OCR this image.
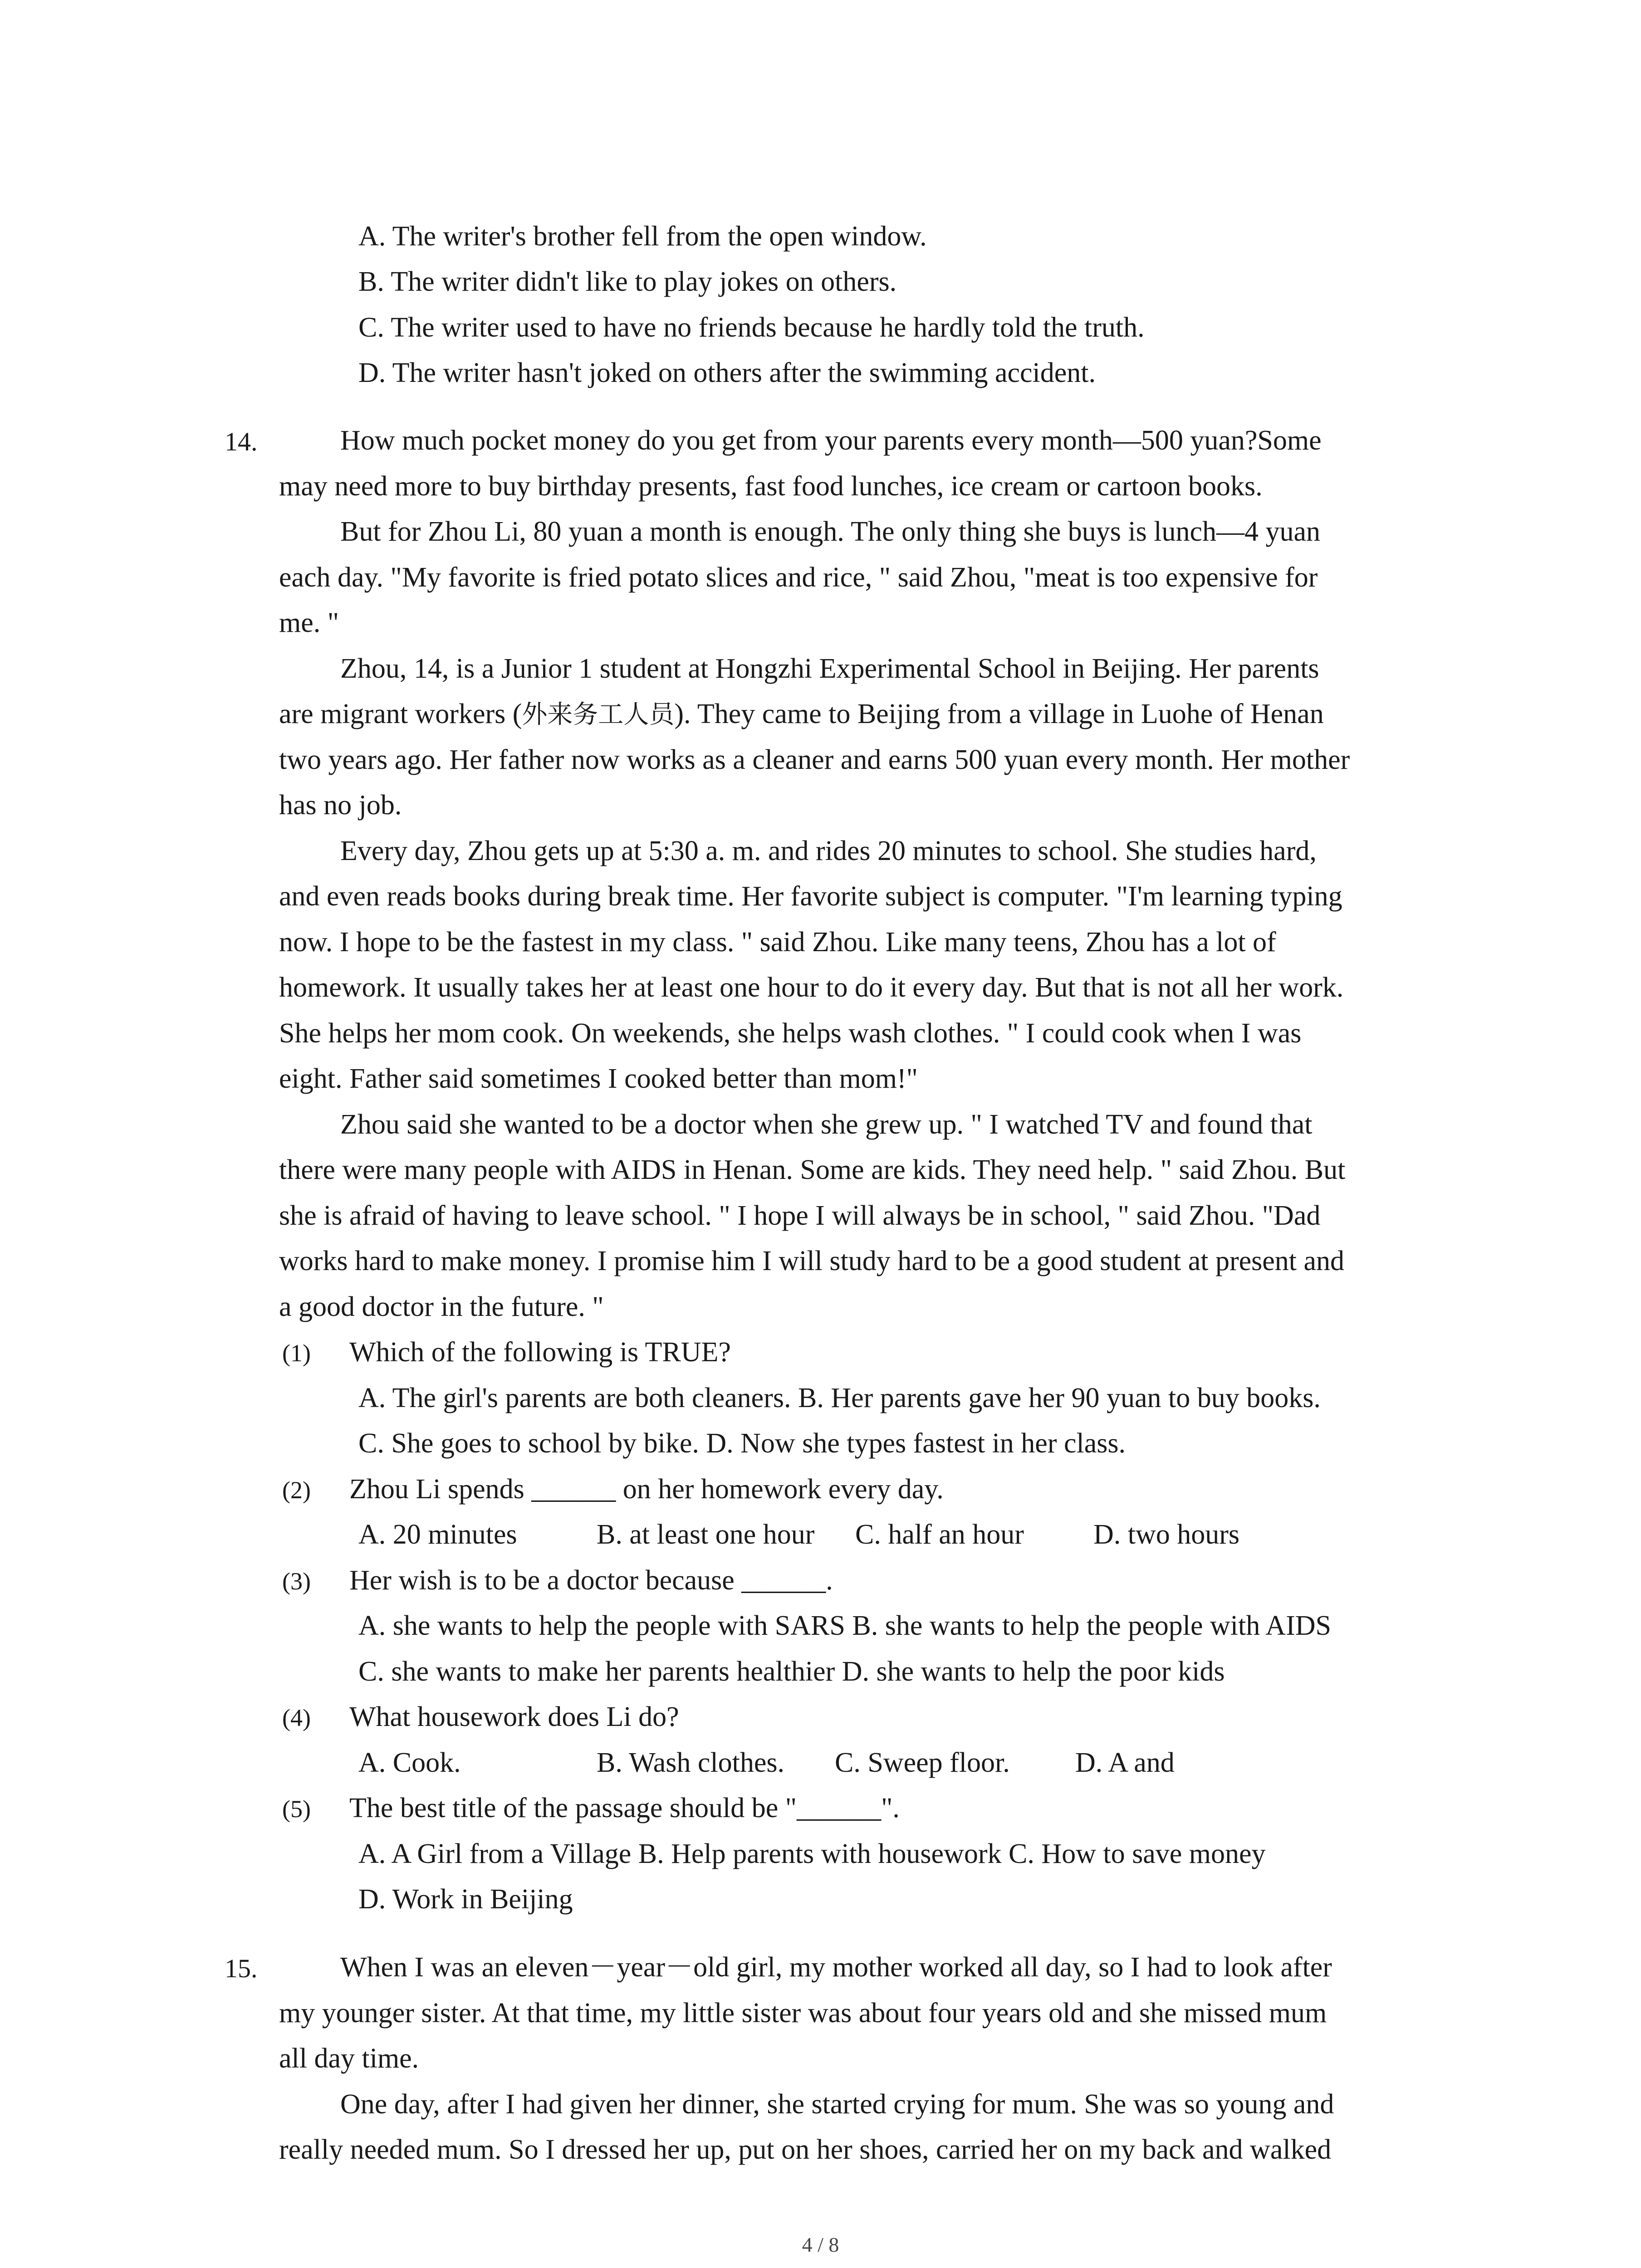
A. The writer's brother fell from the open window.
B. The writer didn't like to play jokes on others.
C. The writer used to have no friends because he hardly told the truth.
D. The writer hasn't joked on others after the swimming accident.
14.	How much pocket money do you get from your parents every month—500 yuan?Some
may need more to buy birthday presents, fast food lunches, ice cream or cartoon books.
But for Zhou Li, 80 yuan a month is enough. The only thing she buys is lunch—4 yuan
each day. "My favorite is fried potato slices and rice, " said Zhou, "meat is too expensive for
me. "
Zhou, 14, is a Junior 1 student at Hongzhi Experimental School in Beijing. Her parents
are migrant workers (外来务工人员). They came to Beijing from a village in Luohe of Henan
two years ago. Her father now works as a cleaner and earns 500 yuan every month. Her mother
has no job.
Every day, Zhou gets up at 5:30 a. m. and rides 20 minutes to school. She studies hard,
and even reads books during break time. Her favorite subject is computer. "I'm learning typing
now. I hope to be the fastest in my class. " said Zhou. Like many teens, Zhou has a lot of
homework. It usually takes her at least one hour to do it every day. But that is not all her work.
She helps her mom cook. On weekends, she helps wash clothes. " I could cook when I was
eight. Father said sometimes I cooked better than mom!"
Zhou said she wanted to be a doctor when she grew up. " I watched TV and found that
there were many people with AIDS in Henan. Some are kids. They need help. " said Zhou. But
she is afraid of having to leave school. " I hope I will always be in school, " said Zhou. "Dad
works hard to make money. I promise him I will study hard to be a good student at present and
a good doctor in the future. "
(1) Which of the following is TRUE?
A. The girl's parents are both cleaners. B. Her parents gave her 90 yuan to buy books.
C. She goes to school by bike. D. Now she types fastest in her class.
(2) Zhou Li spends ______ on her homework every day.
A. 20 minutes	B. at least one hour C. half an hour D. two hours
(3) Her wish is to be a doctor because ______.
A. she wants to help the people with SARS B. she wants to help the people with AIDS
C. she wants to make her parents healthier D. she wants to help the poor kids
(4) What housework does Li do?
A. Cook.	B. Wash clothes. C. Sweep floor. D. A and
(5) The best title of the passage should be "______".
A. A Girl from a Village B. Help parents with housework C. How to save money
D. Work in Beijing
15.	When I was an eleven－year－old girl, my mother worked all day, so I had to look after
my younger sister. At that time, my little sister was about four years old and she missed mum
all day time.
One day, after I had given her dinner, she started crying for mum. She was so young and
really needed mum. So I dressed her up, put on her shoes, carried her on my back and walked
4 / 8
